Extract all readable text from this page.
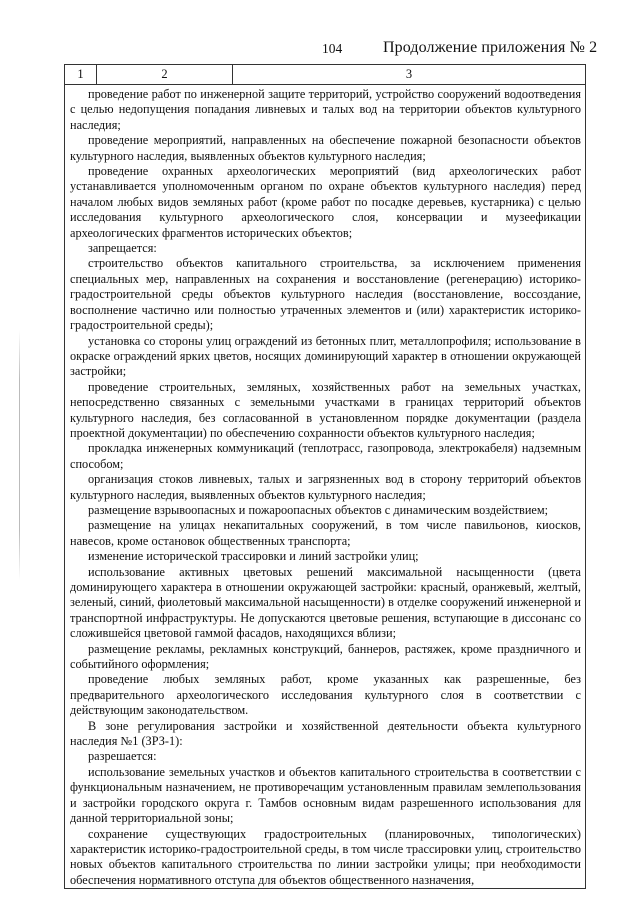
104	Продолжение приложения № 2
1	2	3

проведение работ по инженерной защите территорий, устройство сооружений водоотведения с целью недопущения попадания ливневых и талых вод на территории объектов культурного наследия;

проведение мероприятий, направленных на обеспечение пожарной безопасности объектов культурного наследия, выявленных объектов культурного наследия;

проведение охранных археологических мероприятий (вид археологических работ устанавливается уполномоченным органом по охране объектов культурного наследия) перед началом любых видов земляных работ (кроме работ по посадке деревьев, кустарника) с целью исследования культурного археологического слоя, консервации и музеефикации археологических фрагментов исторических объектов;

запрещается:

строительство объектов капитального строительства, за исключением применения специальных мер, направленных на сохранения и восстановление (регенерацию) историко-градостроительной среды объектов культурного наследия (восстановление, воссоздание, восполнение частично или полностью утраченных элементов и (или) характеристик историко-градостроительной среды);

установка со стороны улиц ограждений из бетонных плит, металлопрофиля; использование в окраске ограждений ярких цветов, носящих доминирующий характер в отношении окружающей застройки;

проведение строительных, земляных, хозяйственных работ на земельных участках, непосредственно связанных с земельными участками в границах территорий объектов культурного наследия, без согласованной в установленном порядке документации (раздела проектной документации) по обеспечению сохранности объектов культурного наследия;

прокладка инженерных коммуникаций (теплотрасс, газопровода, электрокабеля) надземным способом;

организация стоков ливневых, талых и загрязненных вод в сторону территорий объектов культурного наследия, выявленных объектов культурного наследия;

размещение взрывоопасных и пожароопасных объектов с динамическим воздействием;

размещение на улицах некапитальных сооружений, в том числе павильонов, киосков, навесов, кроме остановок общественных транспорта;

изменение исторической трассировки и линий застройки улиц;

использование активных цветовых решений максимальной насыщенности (цвета доминирующего характера в отношении окружающей застройки: красный, оранжевый, желтый, зеленый, синий, фиолетовый максимальной насыщенности) в отделке сооружений инженерной и транспортной инфраструктуры. Не допускаются цветовые решения, вступающие в диссонанс со сложившейся цветовой гаммой фасадов, находящихся вблизи;

размещение рекламы, рекламных конструкций, баннеров, растяжек, кроме праздничного и событийного оформления;

проведение любых земляных работ, кроме указанных как разрешенные, без предварительного археологического исследования культурного слоя в соответствии с действующим законодательством.

В зоне регулирования застройки и хозяйственной деятельности объекта культурного наследия №1 (ЗРЗ-1):

разрешается:

использование земельных участков и объектов капитального строительства в соответствии с функциональным назначением, не противоречащим установленным правилам землепользования и застройки городского округа г. Тамбов основным видам разрешенного использования для данной территориальной зоны;

сохранение существующих градостроительных (планировочных, типологических) характеристик историко-градостроительной среды, в том числе трассировки улиц, строительство новых объектов капитального строительства по линии застройки улицы; при необходимости обеспечения нормативного отступа для объектов общественного назначения,
